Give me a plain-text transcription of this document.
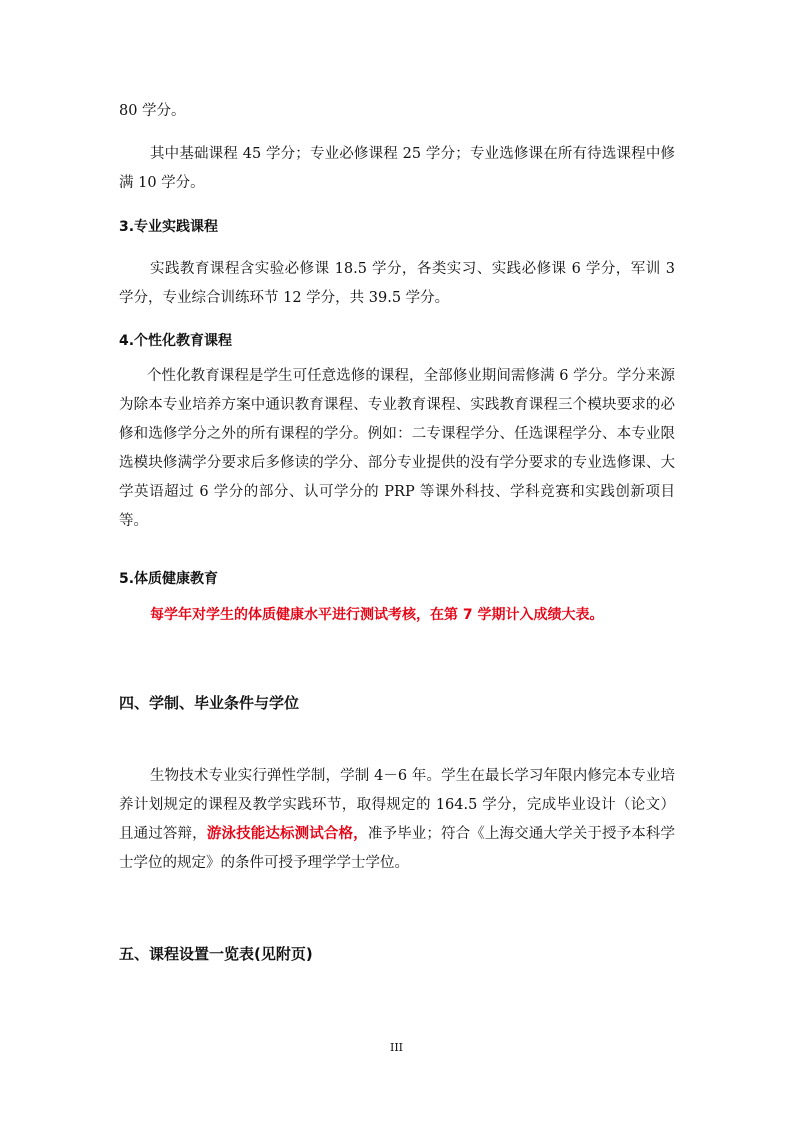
80 学分。

其中基础课程 45 学分；专业必修课程 25 学分；专业选修课在所有待选课程中修满 10 学分。

3.专业实践课程

实践教育课程含实验必修课 18.5 学分，各类实习、实践必修课 6 学分，军训 3 学分，专业综合训练环节 12 学分，共 39.5 学分。

4.个性化教育课程

个性化教育课程是学生可任意选修的课程，全部修业期间需修满 6 学分。学分来源为除本专业培养方案中通识教育课程、专业教育课程、实践教育课程三个模块要求的必修和选修学分之外的所有课程的学分。例如：二专课程学分、任选课程学分、本专业限选模块修满学分要求后多修读的学分、部分专业提供的没有学分要求的专业选修课、大学英语超过 6 学分的部分、认可学分的 PRP 等课外科技、学科竞赛和实践创新项目等。

5.体质健康教育

每学年对学生的体质健康水平进行测试考核，在第 7 学期计入成绩大表。

四、学制、毕业条件与学位

生物技术专业实行弹性学制，学制 4－6 年。学生在最长学习年限内修完本专业培养计划规定的课程及教学实践环节，取得规定的 164.5 学分，完成毕业设计（论文）且通过答辩，游泳技能达标测试合格，准予毕业；符合《上海交通大学关于授予本科学士学位的规定》的条件可授予理学学士学位。

五、课程设置一览表(见附页)
III
